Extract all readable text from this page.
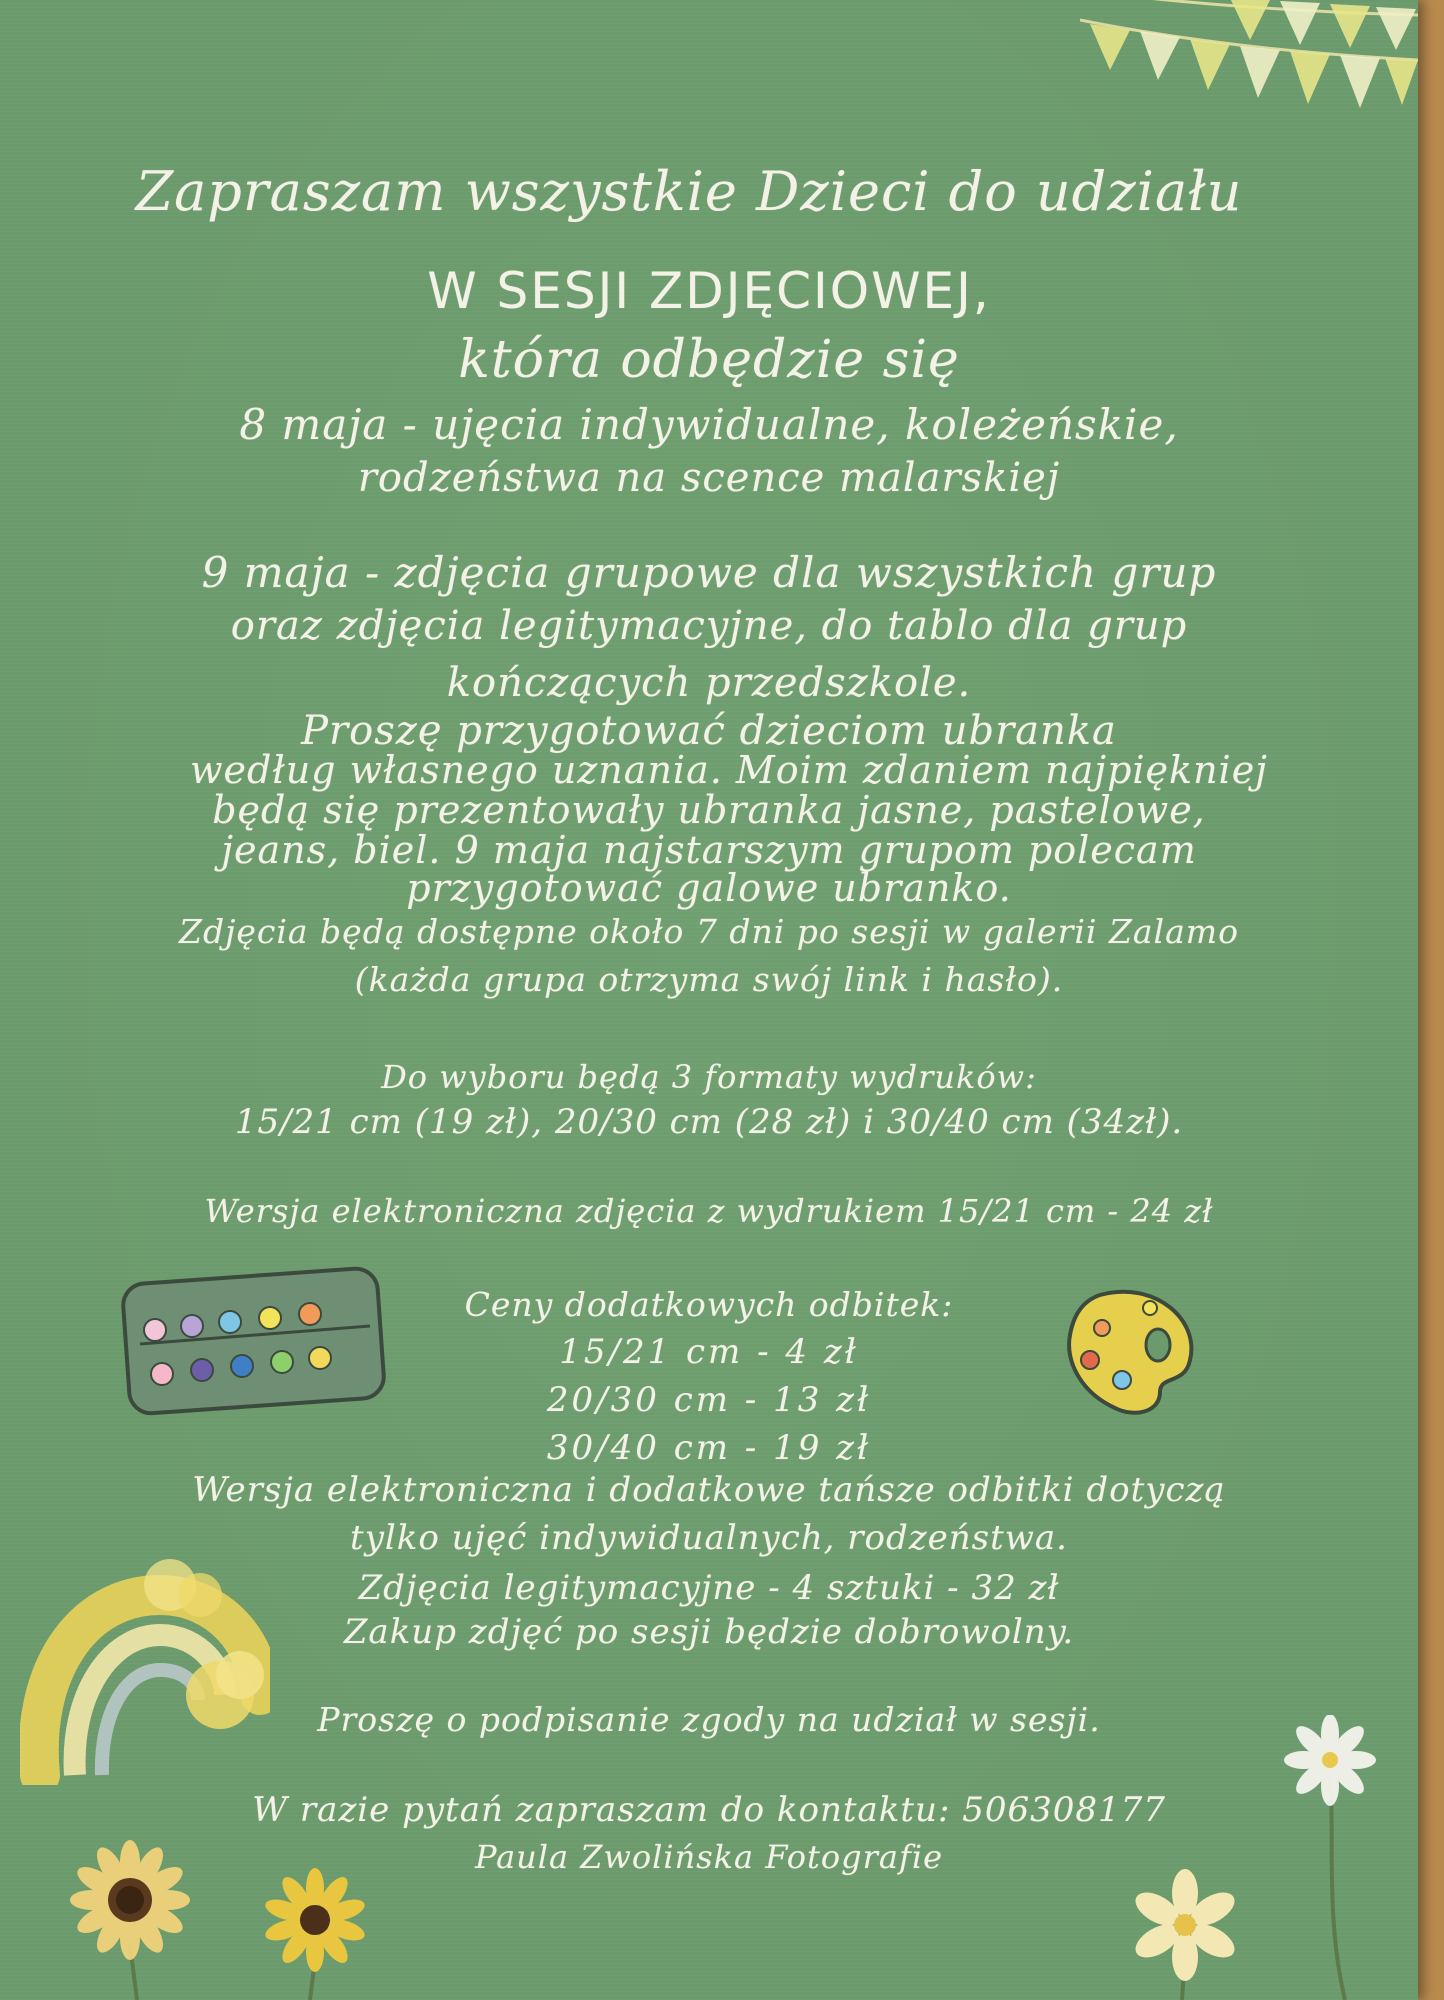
Zapraszam wszystkie Dzieci do udziału
W SESJI ZDJĘCIOWEJ,
która odbędzie się
8 maja - ujęcia indywidualne, koleżeńskie,
rodzeństwa na scence malarskiej
9 maja - zdjęcia grupowe dla wszystkich grup
oraz zdjęcia legitymacyjne, do tablo dla grup
kończących przedszkole.
Proszę przygotować dzieciom ubranka
według własnego uznania. Moim zdaniem najpiękniej
będą się prezentowały ubranka jasne, pastelowe,
jeans, biel. 9 maja najstarszym grupom polecam
przygotować galowe ubranko.
Zdjęcia będą dostępne około 7 dni po sesji w galerii Zalamo
(każda grupa otrzyma swój link i hasło).
Do wyboru będą 3 formaty wydruków:
15/21 cm (19 zł), 20/30 cm (28 zł) i 30/40 cm (34zł).
Wersja elektroniczna zdjęcia z wydrukiem 15/21 cm - 24 zł
Ceny dodatkowych odbitek:
15/21 cm - 4 zł
20/30 cm - 13 zł
30/40 cm - 19 zł
Wersja elektroniczna i dodatkowe tańsze odbitki dotyczą
tylko ujęć indywidualnych, rodzeństwa.
Zdjęcia legitymacyjne - 4 sztuki - 32 zł
Zakup zdjęć po sesji będzie dobrowolny.
Proszę o podpisanie zgody na udział w sesji.
W razie pytań zapraszam do kontaktu: 506308177
Paula Zwolińska Fotografie
